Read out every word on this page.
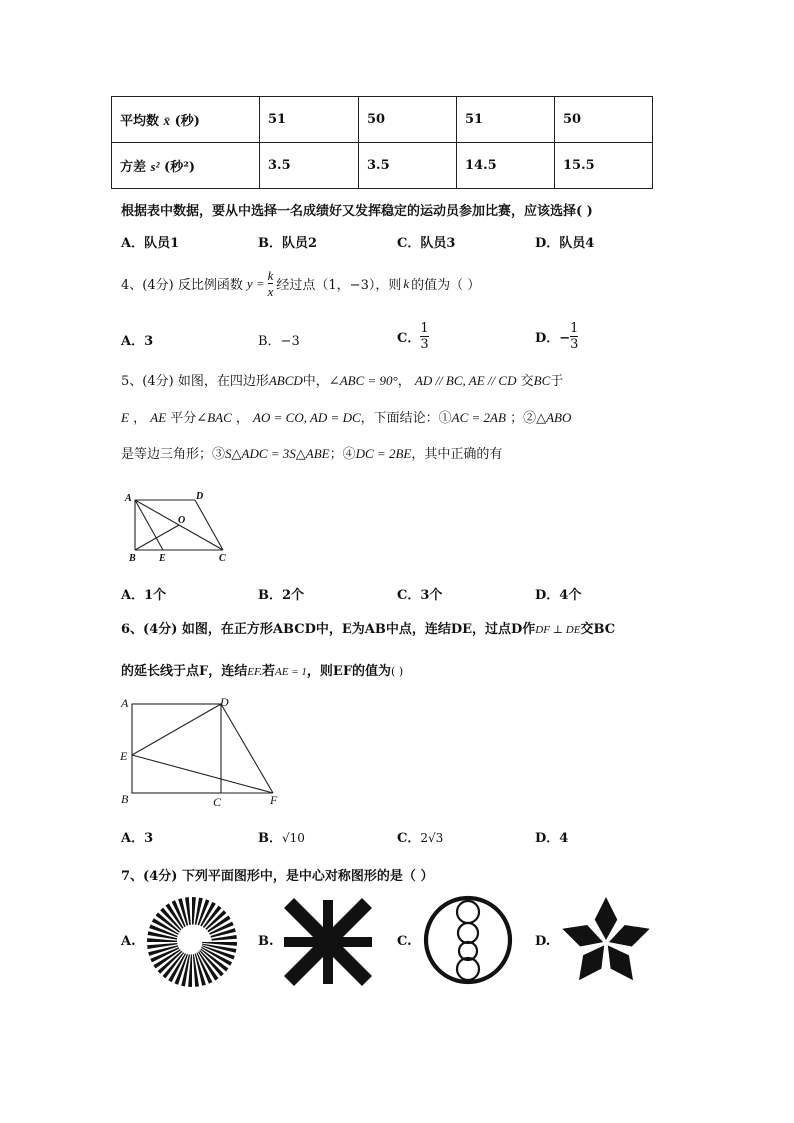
平均数 x̄ (秒)	51	50	51	50
方差 s² (秒²)	3.5	3.5	14.5	15.5
根据表中数据，要从中选择一名成绩好又发挥稳定的运动员参加比赛，应该选择( )
A．队员1	B．队员2	C．队员3	D．队员4
4、(4分) 反比例函数 $y = \frac{k}{x}$ 经过点（1，−3），则 k 的值为（ ）
A．3	B．−3	C． $\frac{1}{3}$	D．− $\frac{1}{3}$
5、(4分) 如图，在四边形ABCD中，∠ABC = 90°， AD // BC, AE // CD 交BC于
E ， AE 平分∠BAC ， AO = CO, AD = DC，下面结论：①AC = 2AB ；②△ABO
是等边三角形；③S△ADC = 3S△ABE；④DC = 2BE，其中正确的有
A	D
O
B E	C
A．1个	B．2个	C．3个	D．4个
6、(4分) 如图，在正方形ABCD中，E为AB中点，连结DE，过点D作DF ⊥ DE交BC
的延长线于点F，连结EF.若AE = 1，则EF的值为( )
A	D
E
B	C	F
A．3	B．√10	C．2√3	D．4
7、(4分) 下列平面图形中，是中心对称图形的是（ ）
A.	B.	C.	D.
